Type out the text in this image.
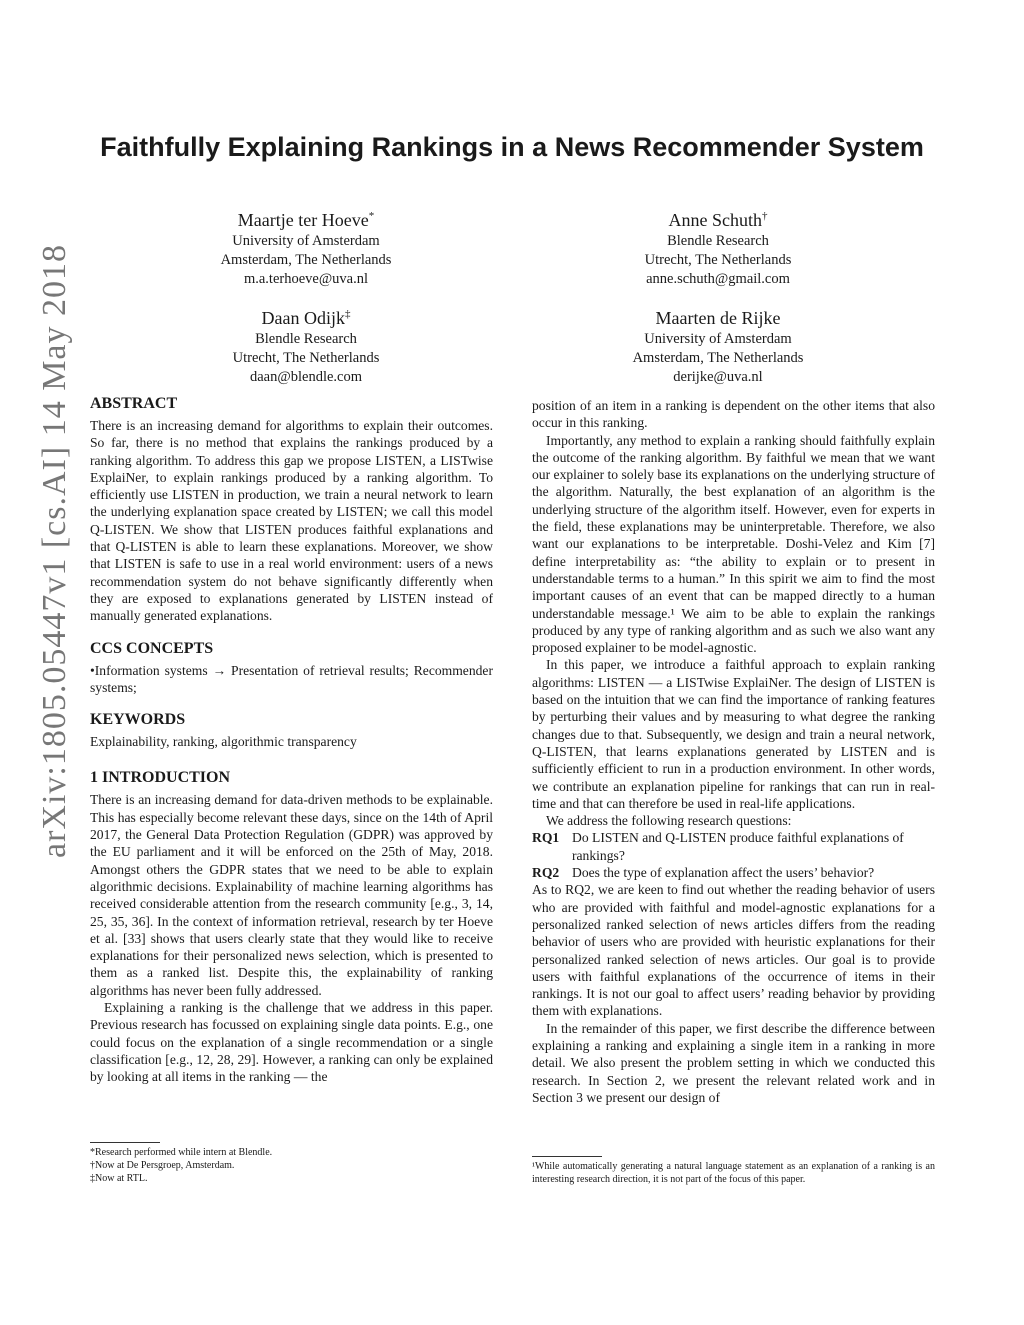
arXiv:1805.05447v1 [cs.AI] 14 May 2018
Faithfully Explaining Rankings in a News Recommender System
Maartje ter Hoeve*
University of Amsterdam
Amsterdam, The Netherlands
m.a.terhoeve@uva.nl
Anne Schuth†
Blendle Research
Utrecht, The Netherlands
anne.schuth@gmail.com
Daan Odijk‡
Blendle Research
Utrecht, The Netherlands
daan@blendle.com
Maarten de Rijke
University of Amsterdam
Amsterdam, The Netherlands
derijke@uva.nl
ABSTRACT

There is an increasing demand for algorithms to explain their outcomes. So far, there is no method that explains the rankings produced by a ranking algorithm. To address this gap we propose LISTEN, a LISTwise ExplaiNer, to explain rankings produced by a ranking algorithm. To efficiently use LISTEN in production, we train a neural network to learn the underlying explanation space created by LISTEN; we call this model Q-LISTEN. We show that LISTEN produces faithful explanations and that Q-LISTEN is able to learn these explanations. Moreover, we show that LISTEN is safe to use in a real world environment: users of a news recommendation system do not behave significantly differently when they are exposed to explanations generated by LISTEN instead of manually generated explanations.

CCS CONCEPTS

•Information systems → Presentation of retrieval results; Recommender systems;

KEYWORDS

Explainability, ranking, algorithmic transparency

1 INTRODUCTION

There is an increasing demand for data-driven methods to be explainable. This has especially become relevant these days, since on the 14th of April 2017, the General Data Protection Regulation (GDPR) was approved by the EU parliament and it will be enforced on the 25th of May, 2018. Amongst others the GDPR states that we need to be able to explain algorithmic decisions. Explainability of machine learning algorithms has received considerable attention from the research community [e.g., 3, 14, 25, 35, 36]. In the context of information retrieval, research by ter Hoeve et al. [33] shows that users clearly state that they would like to receive explanations for their personalized news selection, which is presented to them as a ranked list. Despite this, the explainability of ranking algorithms has never been fully addressed.

Explaining a ranking is the challenge that we address in this paper. Previous research has focussed on explaining single data points. E.g., one could focus on the explanation of a single recommendation or a single classification [e.g., 12, 28, 29]. However, a ranking can only be explained by looking at all items in the ranking — the

*Research performed while intern at Blendle.
†Now at De Persgroep, Amsterdam.
‡Now at RTL.

position of an item in a ranking is dependent on the other items that also occur in this ranking.

Importantly, any method to explain a ranking should faithfully explain the outcome of the ranking algorithm. By faithful we mean that we want our explainer to solely base its explanations on the underlying structure of the algorithm. Naturally, the best explanation of an algorithm is the underlying structure of the algorithm itself. However, even for experts in the field, these explanations may be uninterpretable. Therefore, we also want our explanations to be interpretable. Doshi-Velez and Kim [7] define interpretability as: “the ability to explain or to present in understandable terms to a human.” In this spirit we aim to find the most important causes of an event that can be mapped directly to a human understandable message.¹ We aim to be able to explain the rankings produced by any type of ranking algorithm and as such we also want any proposed explainer to be model-agnostic.

In this paper, we introduce a faithful approach to explain ranking algorithms: LISTEN — a LISTwise ExplaiNer. The design of LISTEN is based on the intuition that we can find the importance of ranking features by perturbing their values and by measuring to what degree the ranking changes due to that. Subsequently, we design and train a neural network, Q-LISTEN, that learns explanations generated by LISTEN and is sufficiently efficient to run in a production environment. In other words, we contribute an explanation pipeline for rankings that can run in real-time and that can therefore be used in real-life applications.

We address the following research questions:

RQ1 Do LISTEN and Q-LISTEN produce faithful explanations of rankings?
RQ2 Does the type of explanation affect the users’ behavior?

As to RQ2, we are keen to find out whether the reading behavior of users who are provided with faithful and model-agnostic explanations for a personalized ranked selection of news articles differs from the reading behavior of users who are provided with heuristic explanations for their personalized ranked selection of news articles. Our goal is to provide users with faithful explanations of the occurrence of items in their rankings. It is not our goal to affect users’ reading behavior by providing them with explanations.

In the remainder of this paper, we first describe the difference between explaining a ranking and explaining a single item in a ranking in more detail. We also present the problem setting in which we conducted this research. In Section 2, we present the relevant related work and in Section 3 we present our design of

¹While automatically generating a natural language statement as an explanation of a ranking is an interesting research direction, it is not part of the focus of this paper.
